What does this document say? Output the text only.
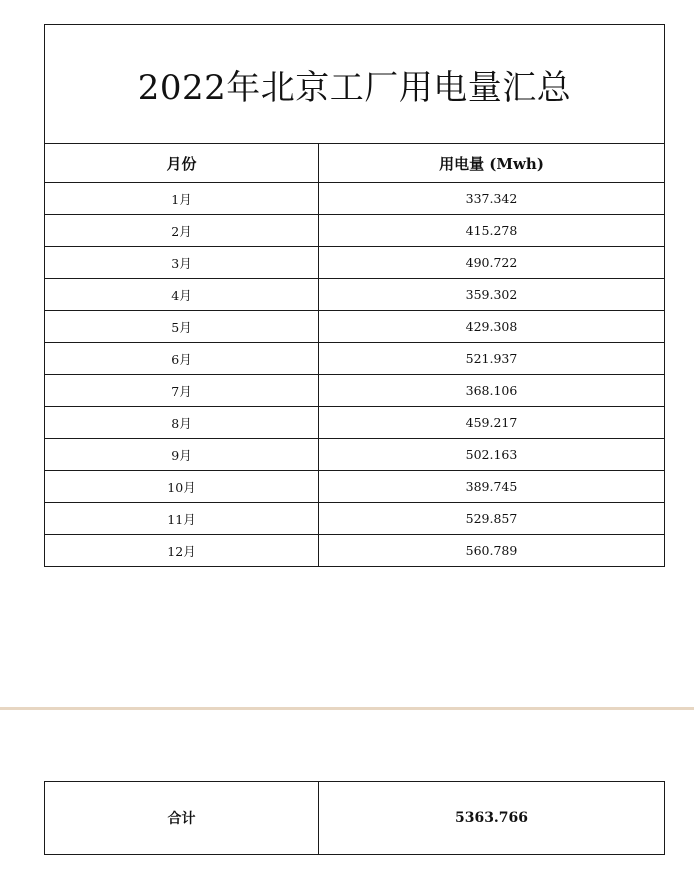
2022年北京工厂用电量汇总	
月份	用电量 (Mwh)
1月	337.342
2月	415.278
3月	490.722
4月	359.302
5月	429.308
6月	521.937
7月	368.106
8月	459.217
9月	502.163
10月	389.745
11月	529.857
12月	560.789
合计	5363.766
